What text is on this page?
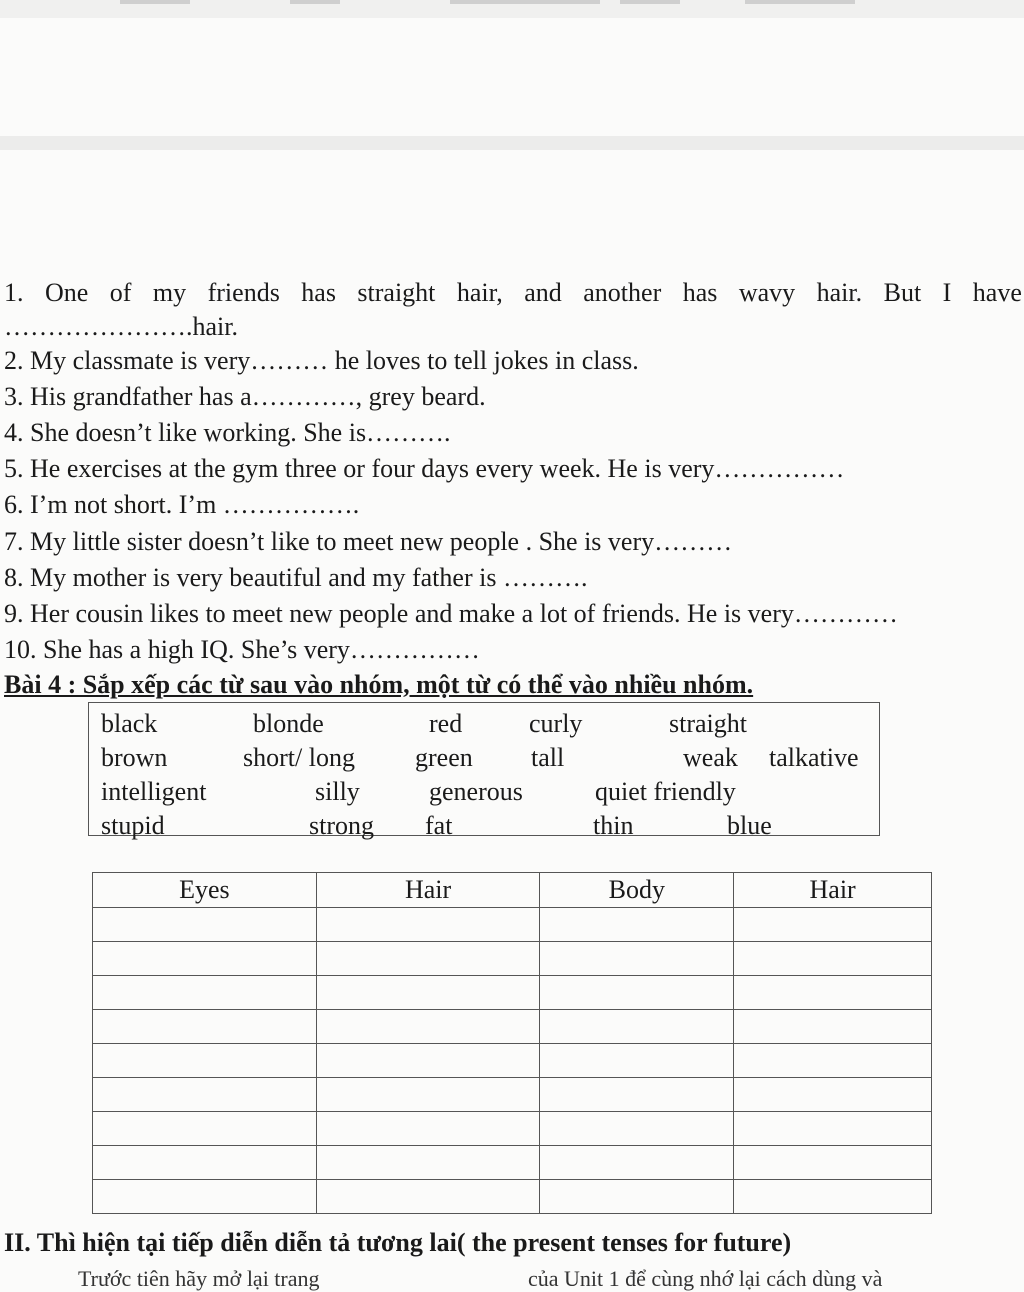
1. One of my friends has straight hair, and another has wavy hair. But I have
………………….hair.
2. My classmate is very……… he loves to tell jokes in class.
3. His grandfather has a…………, grey beard.
4. She doesn’t like working. She is……….
5. He exercises at the gym three or four days every week. He is very……………
6. I’m not short. I’m …………….
7. My little sister doesn’t like to meet new people . She is very………
8. My mother is very beautiful and my father is ……….
9. Her cousin likes to meet new people and make a lot of friends. He is very…………
10. She has a high IQ. She’s very……………
Bài 4 : Sắp xếp các từ sau vào nhóm, một từ có thể vào nhiều nhóm.
black	blonde	red	curly	straight
brown	short/ long green tall	weak talkative
intelligent	silly	generous	quiet friendly
stupid	strong fat	thin	blue
Eyes	Hair	Body	Hair

II. Thì hiện tại tiếp diễn diễn tả tương lai( the present tenses for future)
Trước tiên hãy mở lại trang	của Unit 1 để cùng nhớ lại cách dùng và
